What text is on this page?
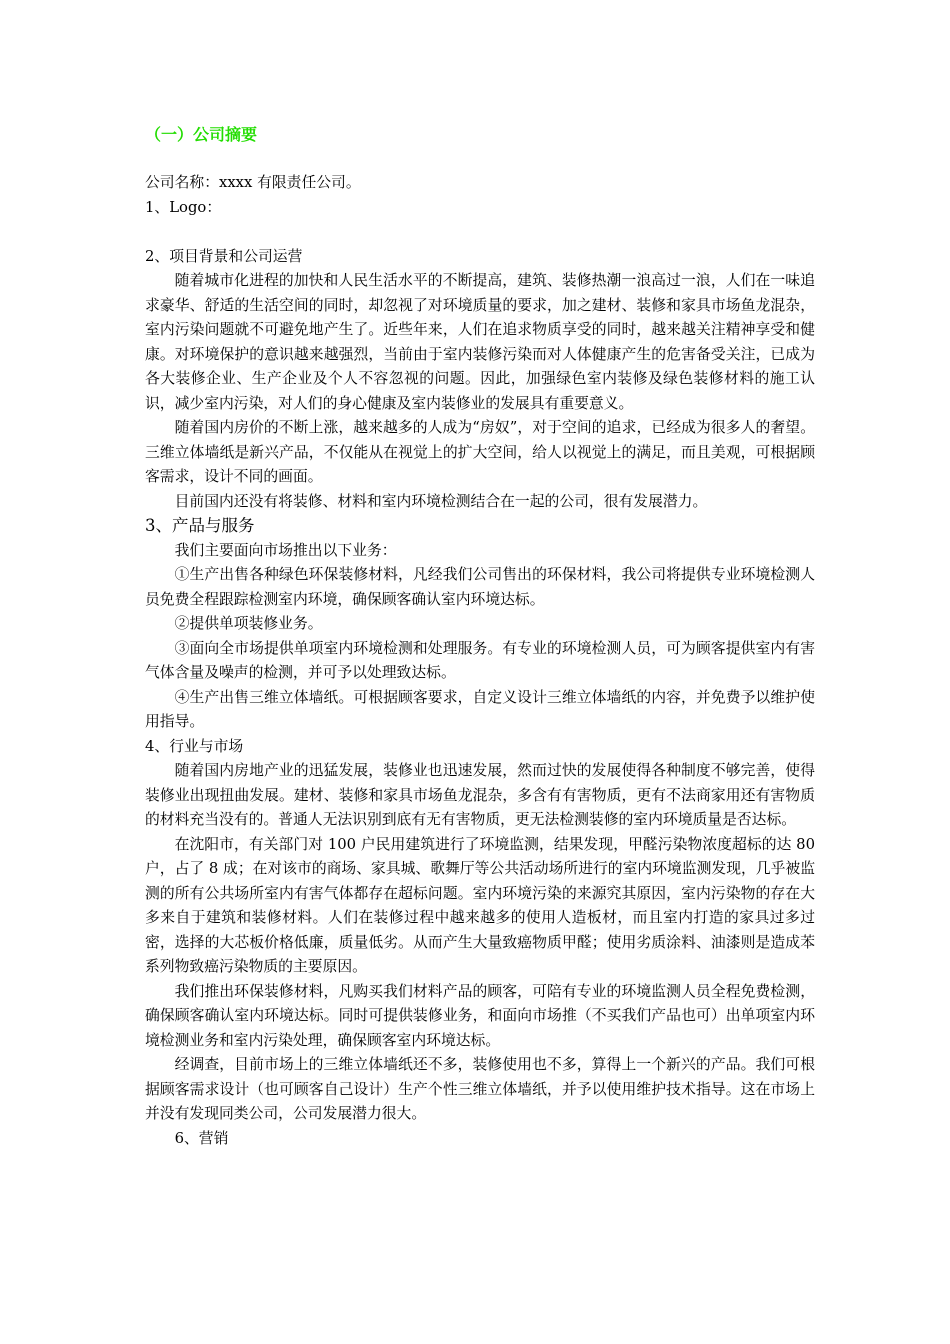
（一）公司摘要

公司名称：xxxx 有限责任公司。

1、Logo：

2、项目背景和公司运营

随着城市化进程的加快和人民生活水平的不断提高，建筑、装修热潮一浪高过一浪，人们在一味追求豪华、舒适的生活空间的同时，却忽视了对环境质量的要求，加之建材、装修和家具市场鱼龙混杂，室内污染问题就不可避免地产生了。近些年来，人们在追求物质享受的同时，越来越关注精神享受和健康。对环境保护的意识越来越强烈，当前由于室内装修污染而对人体健康产生的危害备受关注，已成为各大装修企业、生产企业及个人不容忽视的问题。因此，加强绿色室内装修及绿色装修材料的施工认识，减少室内污染，对人们的身心健康及室内装修业的发展具有重要意义。

随着国内房价的不断上涨，越来越多的人成为“房奴”，对于空间的追求，已经成为很多人的奢望。三维立体墙纸是新兴产品，不仅能从在视觉上的扩大空间，给人以视觉上的满足，而且美观，可根据顾客需求，设计不同的画面。

目前国内还没有将装修、材料和室内环境检测结合在一起的公司，很有发展潜力。

3、产品与服务

我们主要面向市场推出以下业务：

①生产出售各种绿色环保装修材料，凡经我们公司售出的环保材料，我公司将提供专业环境检测人员免费全程跟踪检测室内环境，确保顾客确认室内环境达标。

②提供单项装修业务。

③面向全市场提供单项室内环境检测和处理服务。有专业的环境检测人员，可为顾客提供室内有害气体含量及噪声的检测，并可予以处理致达标。

④生产出售三维立体墙纸。可根据顾客要求，自定义设计三维立体墙纸的内容，并免费予以维护使用指导。

4、行业与市场

随着国内房地产业的迅猛发展，装修业也迅速发展，然而过快的发展使得各种制度不够完善，使得装修业出现扭曲发展。建材、装修和家具市场鱼龙混杂，多含有有害物质，更有不法商家用还有害物质的材料充当没有的。普通人无法识别到底有无有害物质，更无法检测装修的室内环境质量是否达标。

在沈阳市，有关部门对 100 户民用建筑进行了环境监测，结果发现，甲醛污染物浓度超标的达 80 户，占了 8 成；在对该市的商场、家具城、歌舞厅等公共活动场所进行的室内环境监测发现，几乎被监测的所有公共场所室内有害气体都存在超标问题。室内环境污染的来源究其原因，室内污染物的存在大多来自于建筑和装修材料。人们在装修过程中越来越多的使用人造板材，而且室内打造的家具过多过密，选择的大芯板价格低廉，质量低劣。从而产生大量致癌物质甲醛；使用劣质涂料、油漆则是造成苯系列物致癌污染物质的主要原因。

我们推出环保装修材料，凡购买我们材料产品的顾客，可陪有专业的环境监测人员全程免费检测，确保顾客确认室内环境达标。同时可提供装修业务，和面向市场推（不买我们产品也可）出单项室内环境检测业务和室内污染处理，确保顾客室内环境达标。

经调查，目前市场上的三维立体墙纸还不多，装修使用也不多，算得上一个新兴的产品。我们可根据顾客需求设计（也可顾客自己设计）生产个性三维立体墙纸，并予以使用维护技术指导。这在市场上并没有发现同类公司，公司发展潜力很大。

6、营销
